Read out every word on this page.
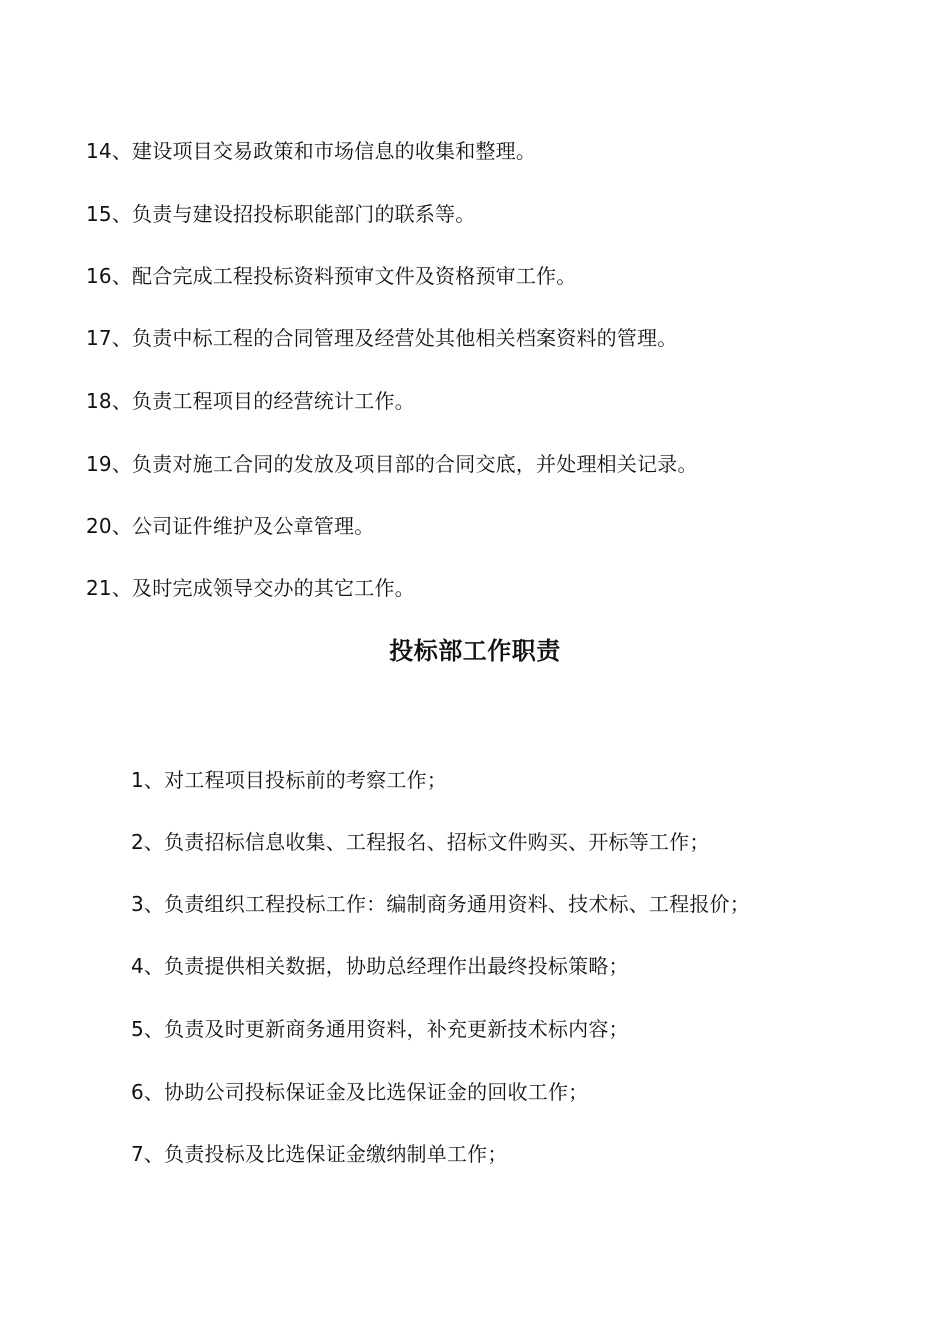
14、建设项目交易政策和市场信息的收集和整理。
15、负责与建设招投标职能部门的联系等。
16、配合完成工程投标资料预审文件及资格预审工作。
17、负责中标工程的合同管理及经营处其他相关档案资料的管理。
18、负责工程项目的经营统计工作。
19、负责对施工合同的发放及项目部的合同交底，并处理相关记录。
20、公司证件维护及公章管理。
21、及时完成领导交办的其它工作。
投标部工作职责
1、对工程项目投标前的考察工作；
2、负责招标信息收集、工程报名、招标文件购买、开标等工作；
3、负责组织工程投标工作：编制商务通用资料、技术标、工程报价；
4、负责提供相关数据，协助总经理作出最终投标策略；
5、负责及时更新商务通用资料，补充更新技术标内容；
6、协助公司投标保证金及比选保证金的回收工作；
7、负责投标及比选保证金缴纳制单工作；
